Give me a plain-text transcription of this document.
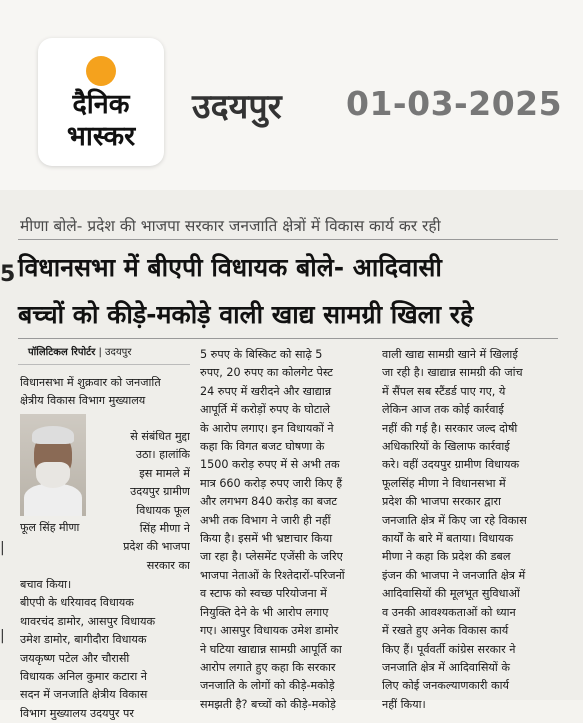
दैनिक
भास्कर
उदयपुर 01-03-2025
मीणा बोले- प्रदेश की भाजपा सरकार जनजाति क्षेत्रों में विकास कार्य कर रही
5 विधानसभा में बीएपी विधायक बोले- आदिवासी
बच्चों को कीड़े-मकोड़े वाली खाद्य सामग्री खिला रहे
पॉलिटिकल रिपोर्टर | उदयपुर
विधानसभा में शुक्रवार को जनजाति
क्षेत्रीय विकास विभाग मुख्यालय
से संबंधित मुद्दा
उठा। हालांकि
इस मामले में
उदयपुर ग्रामीण
विधायक फूल
सिंह मीणा ने
प्रदेश की भाजपा
सरकार का
फूल सिंह मीणा
|
|
बचाव किया।
बीएपी के धरियावद विधायक
थावरचंद डामोर, आसपुर विधायक
उमेश डामोर, बागीदौरा विधायक
जयकृष्ण पटेल और चौरासी
विधायक अनिल कुमार कटारा ने
सदन में जनजाति क्षेत्रीय विकास
विभाग मुख्यालय उदयपुर पर
5 रुपए के बिस्किट को साढ़े 5
रुपए, 20 रुपए का कोलगेट पेस्ट
24 रुपए में खरीदने और खाद्यान्न
आपूर्ति में करोड़ों रुपए के घोटाले
के आरोप लगाए। इन विधायकों ने
कहा कि विगत बजट घोषणा के
1500 करोड़ रुपए में से अभी तक
मात्र 660 करोड़ रुपए जारी किए हैं
और लगभग 840 करोड़ का बजट
अभी तक विभाग ने जारी ही नहीं
किया है। इसमें भी भ्रष्टाचार किया
जा रहा है। प्लेसमेंट एजेंसी के जरिए
भाजपा नेताओं के रिश्तेदारों-परिजनों
व स्टाफ को स्वच्छ परियोजना में
नियुक्ति देने के भी आरोप लगाए
गए। आसपुर विधायक उमेश डामोर
ने घटिया खाद्यान्न सामग्री आपूर्ति का
आरोप लगाते हुए कहा कि सरकार
जनजाति के लोगों को कीड़े-मकोड़े
समझती है? बच्चों को कीड़े-मकोड़े
वाली खाद्य सामग्री खाने में खिलाई
जा रही है। खाद्यान्न सामग्री की जांच
में सैंपल सब स्टैंडर्ड पाए गए, ये
लेकिन आज तक कोई कार्रवाई
नहीं की गई है। सरकार जल्द दोषी
अधिकारियों के खिलाफ कार्रवाई
करे। वहीं उदयपुर ग्रामीण विधायक
फूलसिंह मीणा ने विधानसभा में
प्रदेश की भाजपा सरकार द्वारा
जनजाति क्षेत्र में किए जा रहे विकास
कार्यों के बारे में बताया। विधायक
मीणा ने कहा कि प्रदेश की डबल
इंजन की भाजपा ने जनजाति क्षेत्र में
आदिवासियों की मूलभूत सुविधाओं
व उनकी आवश्यकताओं को ध्यान
में रखते हुए अनेक विकास कार्य
किए हैं। पूर्ववर्ती कांग्रेस सरकार ने
जनजाति क्षेत्र में आदिवासियों के
लिए कोई जनकल्याणकारी कार्य
नहीं किया।
